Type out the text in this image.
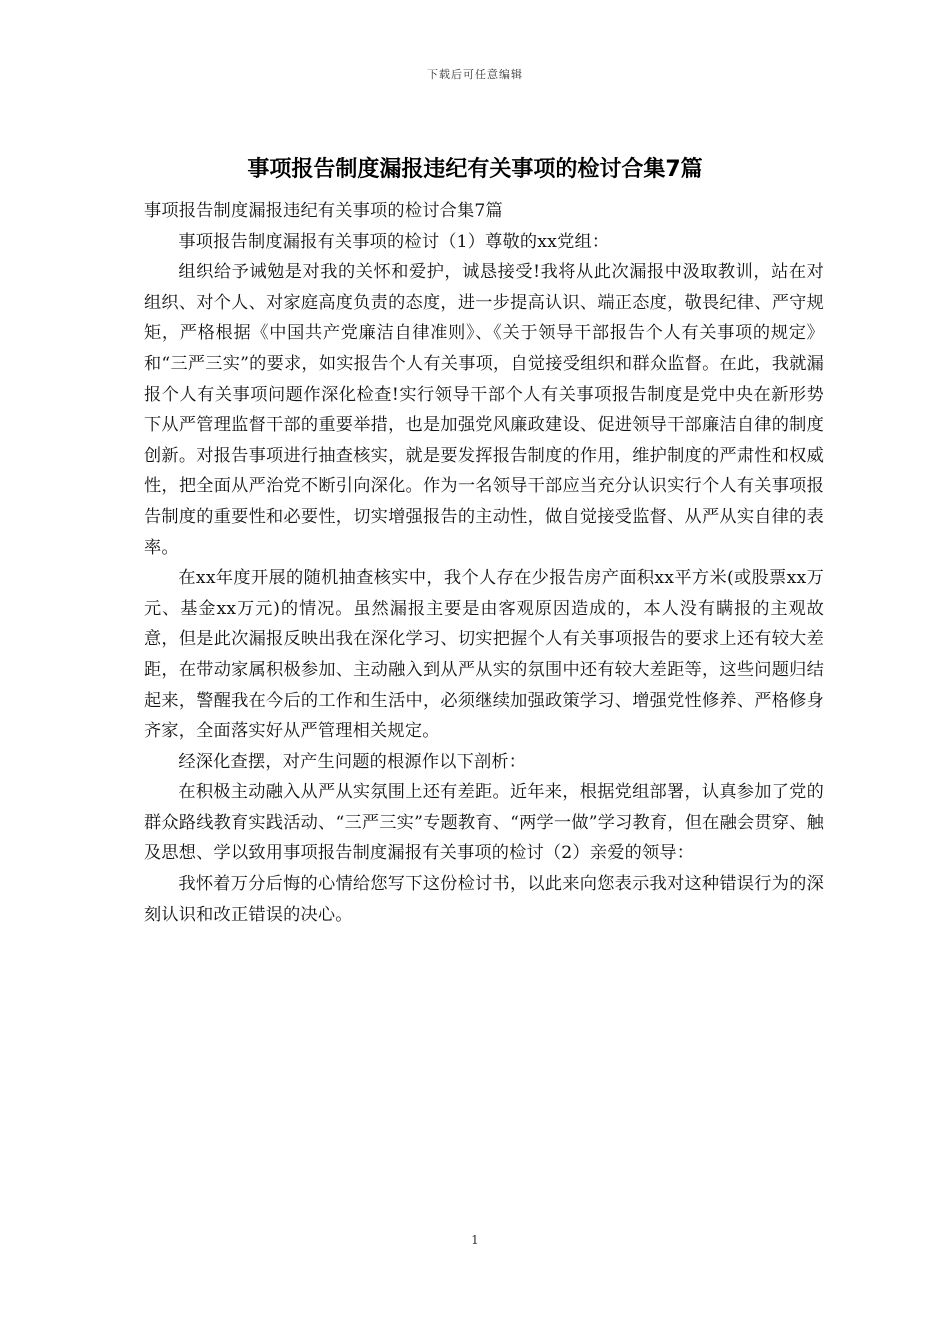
下载后可任意编辑
事项报告制度漏报违纪有关事项的检讨合集7篇

事项报告制度漏报违纪有关事项的检讨合集7篇

事项报告制度漏报有关事项的检讨（1）尊敬的xx党组：

组织给予诫勉是对我的关怀和爱护，诚恳接受!我将从此次漏报中汲取教训，站在对组织、对个人、对家庭高度负责的态度，进一步提高认识、端正态度，敬畏纪律、严守规矩，严格根据《中国共产党廉洁自律准则》、《关于领导干部报告个人有关事项的规定》和“三严三实”的要求，如实报告个人有关事项，自觉接受组织和群众监督。在此，我就漏报个人有关事项问题作深化检查!实行领导干部个人有关事项报告制度是党中央在新形势下从严管理监督干部的重要举措，也是加强党风廉政建设、促进领导干部廉洁自律的制度创新。对报告事项进行抽查核实，就是要发挥报告制度的作用，维护制度的严肃性和权威性，把全面从严治党不断引向深化。作为一名领导干部应当充分认识实行个人有关事项报告制度的重要性和必要性，切实增强报告的主动性，做自觉接受监督、从严从实自律的表率。

在xx年度开展的随机抽查核实中，我个人存在少报告房产面积xx平方米(或股票xx万元、基金xx万元)的情况。虽然漏报主要是由客观原因造成的，本人没有瞒报的主观故意，但是此次漏报反映出我在深化学习、切实把握个人有关事项报告的要求上还有较大差距，在带动家属积极参加、主动融入到从严从实的氛围中还有较大差距等，这些问题归结起来，警醒我在今后的工作和生活中，必须继续加强政策学习、增强党性修养、严格修身齐家，全面落实好从严管理相关规定。

经深化查摆，对产生问题的根源作以下剖析：

在积极主动融入从严从实氛围上还有差距。近年来，根据党组部署，认真参加了党的群众路线教育实践活动、“三严三实”专题教育、“两学一做”学习教育，但在融会贯穿、触及思想、学以致用事项报告制度漏报有关事项的检讨（2）亲爱的领导：

我怀着万分后悔的心情给您写下这份检讨书，以此来向您表示我对这种错误行为的深刻认识和改正错误的决心。

1
